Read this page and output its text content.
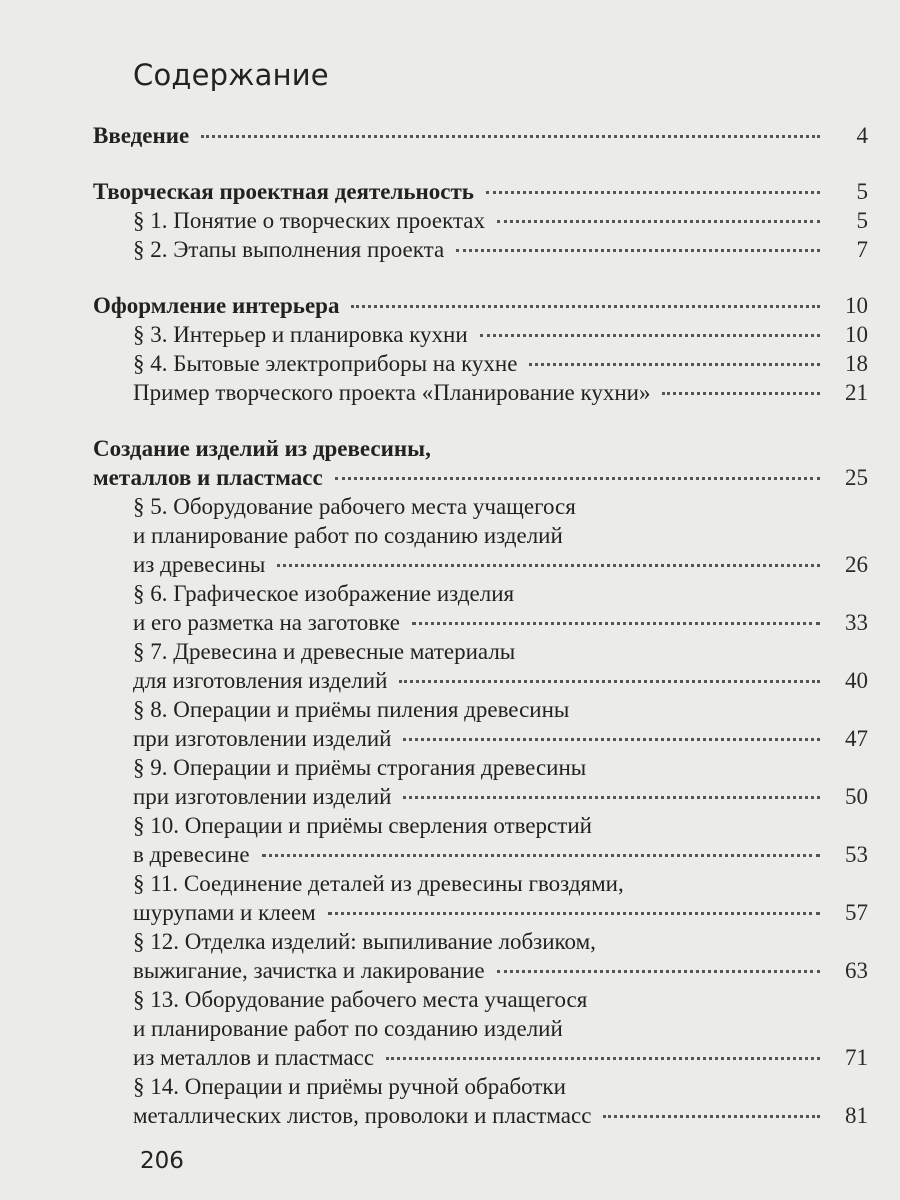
Содержание
Введение	4
Творческая проектная деятельность	5
§ 1. Понятие о творческих проектах	5
§ 2. Этапы выполнения проекта	7
Оформление интерьера	10
§ 3. Интерьер и планировка кухни	10
§ 4. Бытовые электроприборы на кухне	18
Пример творческого проекта «Планирование кухни»	21
Создание изделий из древесины,
металлов и пластмасс	25
§ 5. Оборудование рабочего места учащегося
и планирование работ по созданию изделий
из древесины	26
§ 6. Графическое изображение изделия
и его разметка на заготовке	33
§ 7. Древесина и древесные материалы
для изготовления изделий	40
§ 8. Операции и приёмы пиления древесины
при изготовлении изделий	47
§ 9. Операции и приёмы строгания древесины
при изготовлении изделий	50
§ 10. Операции и приёмы сверления отверстий
в древесине	53
§ 11. Соединение деталей из древесины гвоздями,
шурупами и клеем	57
§ 12. Отделка изделий: выпиливание лобзиком,
выжигание, зачистка и лакирование	63
§ 13. Оборудование рабочего места учащегося
и планирование работ по созданию изделий
из металлов и пластмасс	71
§ 14. Операции и приёмы ручной обработки
металлических листов, проволоки и пластмасс	81
206
